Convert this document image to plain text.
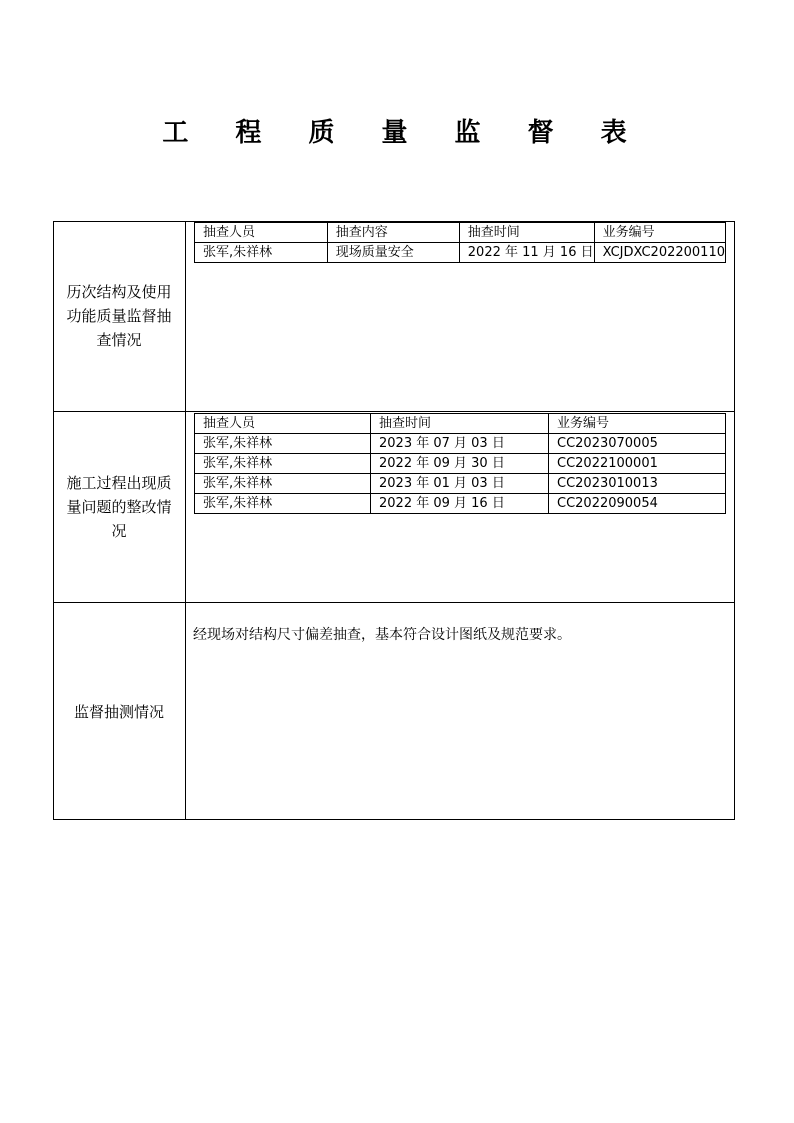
工 程 质 量 监 督 表
历次结构及使用功能质量监督抽查情况
抽查人员	抽查内容	抽查时间	业务编号
张军,朱祥林	现场质量安全	2022 年 11 月 16 日	XCJDXC202200110
施工过程出现质量问题的整改情况
抽查人员	抽查时间	业务编号
张军,朱祥林	2023 年 07 月 03 日	CC2023070005
张军,朱祥林	2022 年 09 月 30 日	CC2022100001
张军,朱祥林	2023 年 01 月 03 日	CC2023010013
张军,朱祥林	2022 年 09 月 16 日	CC2022090054
监督抽测情况
经现场对结构尺寸偏差抽查，基本符合设计图纸及规范要求。
